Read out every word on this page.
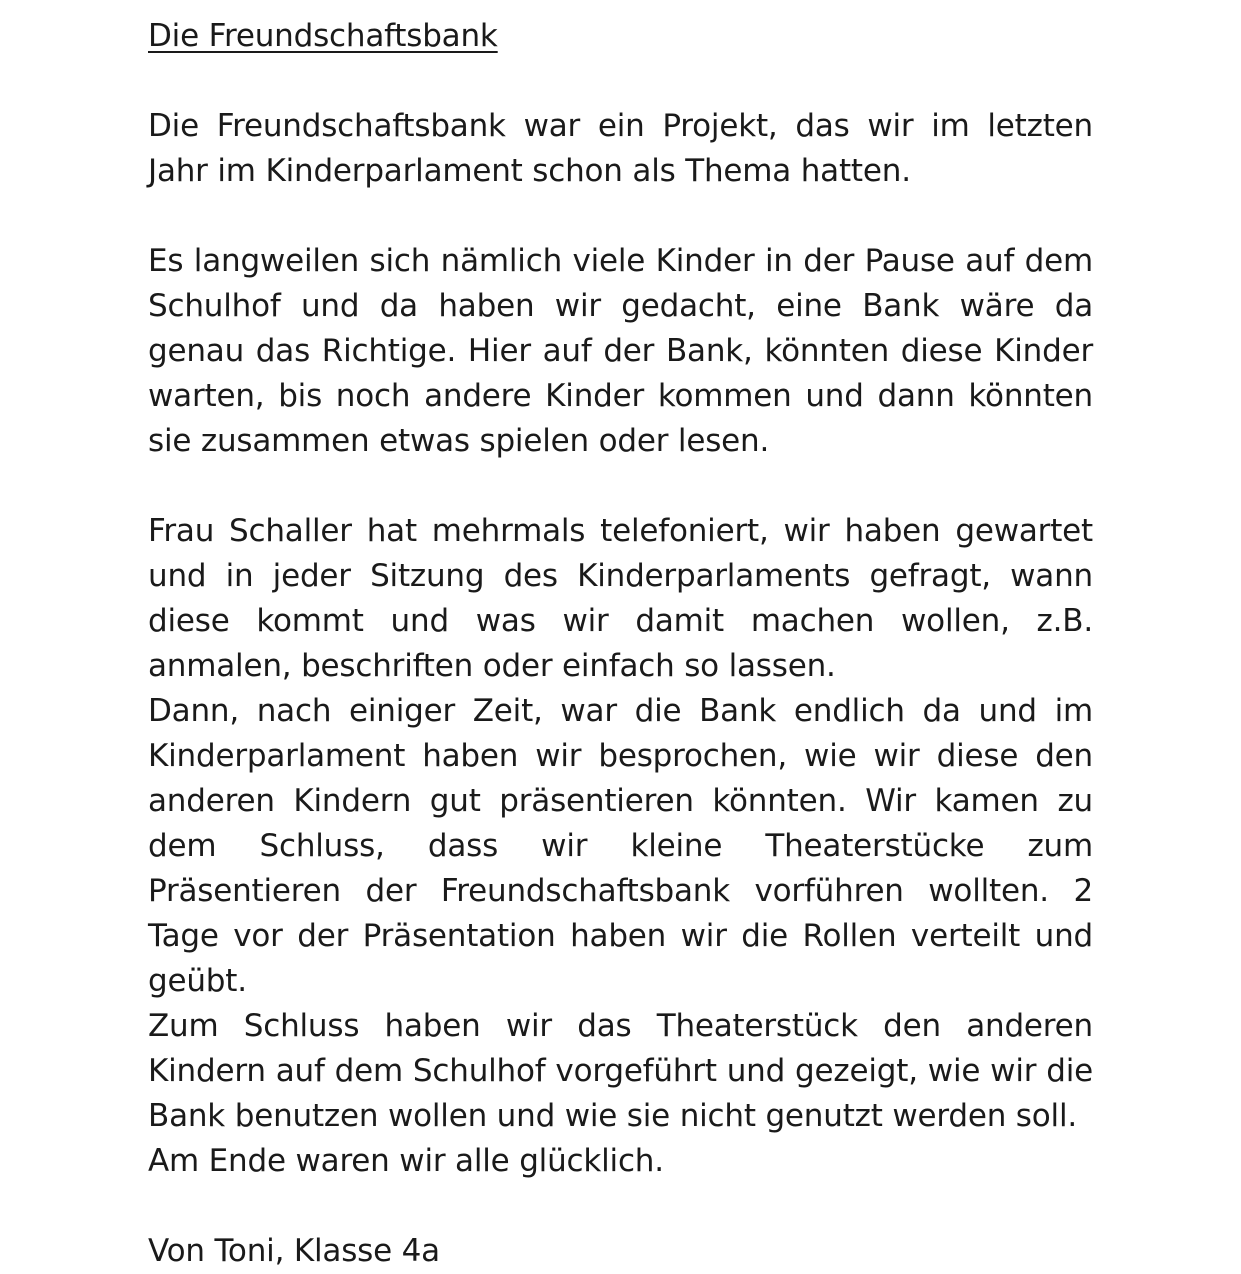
Die Freundschaftsbank

Die Freundschaftsbank war ein Projekt, das wir im letzten Jahr im Kinderparlament schon als Thema hatten.

Es langweilen sich nämlich viele Kinder in der Pause auf dem Schulhof und da haben wir gedacht, eine Bank wäre da genau das Richtige. Hier auf der Bank, könnten diese Kinder warten, bis noch andere Kinder kommen und dann könnten sie zusammen etwas spielen oder lesen.

Frau Schaller hat mehrmals telefoniert, wir haben gewartet und in jeder Sitzung des Kinderparlaments gefragt, wann diese kommt und was wir damit machen wollen, z.B. anmalen, beschriften oder einfach so lassen.

Dann, nach einiger Zeit, war die Bank endlich da und im Kinderparlament haben wir besprochen, wie wir diese den anderen Kindern gut präsentieren könnten. Wir kamen zu dem Schluss, dass wir kleine Theaterstücke zum Präsentieren der Freundschaftsbank vorführen wollten. 2 Tage vor der Präsentation haben wir die Rollen verteilt und geübt.

Zum Schluss haben wir das Theaterstück den anderen Kindern auf dem Schulhof vorgeführt und gezeigt, wie wir die Bank benutzen wollen und wie sie nicht genutzt werden soll.

Am Ende waren wir alle glücklich.

Von Toni, Klasse 4a
